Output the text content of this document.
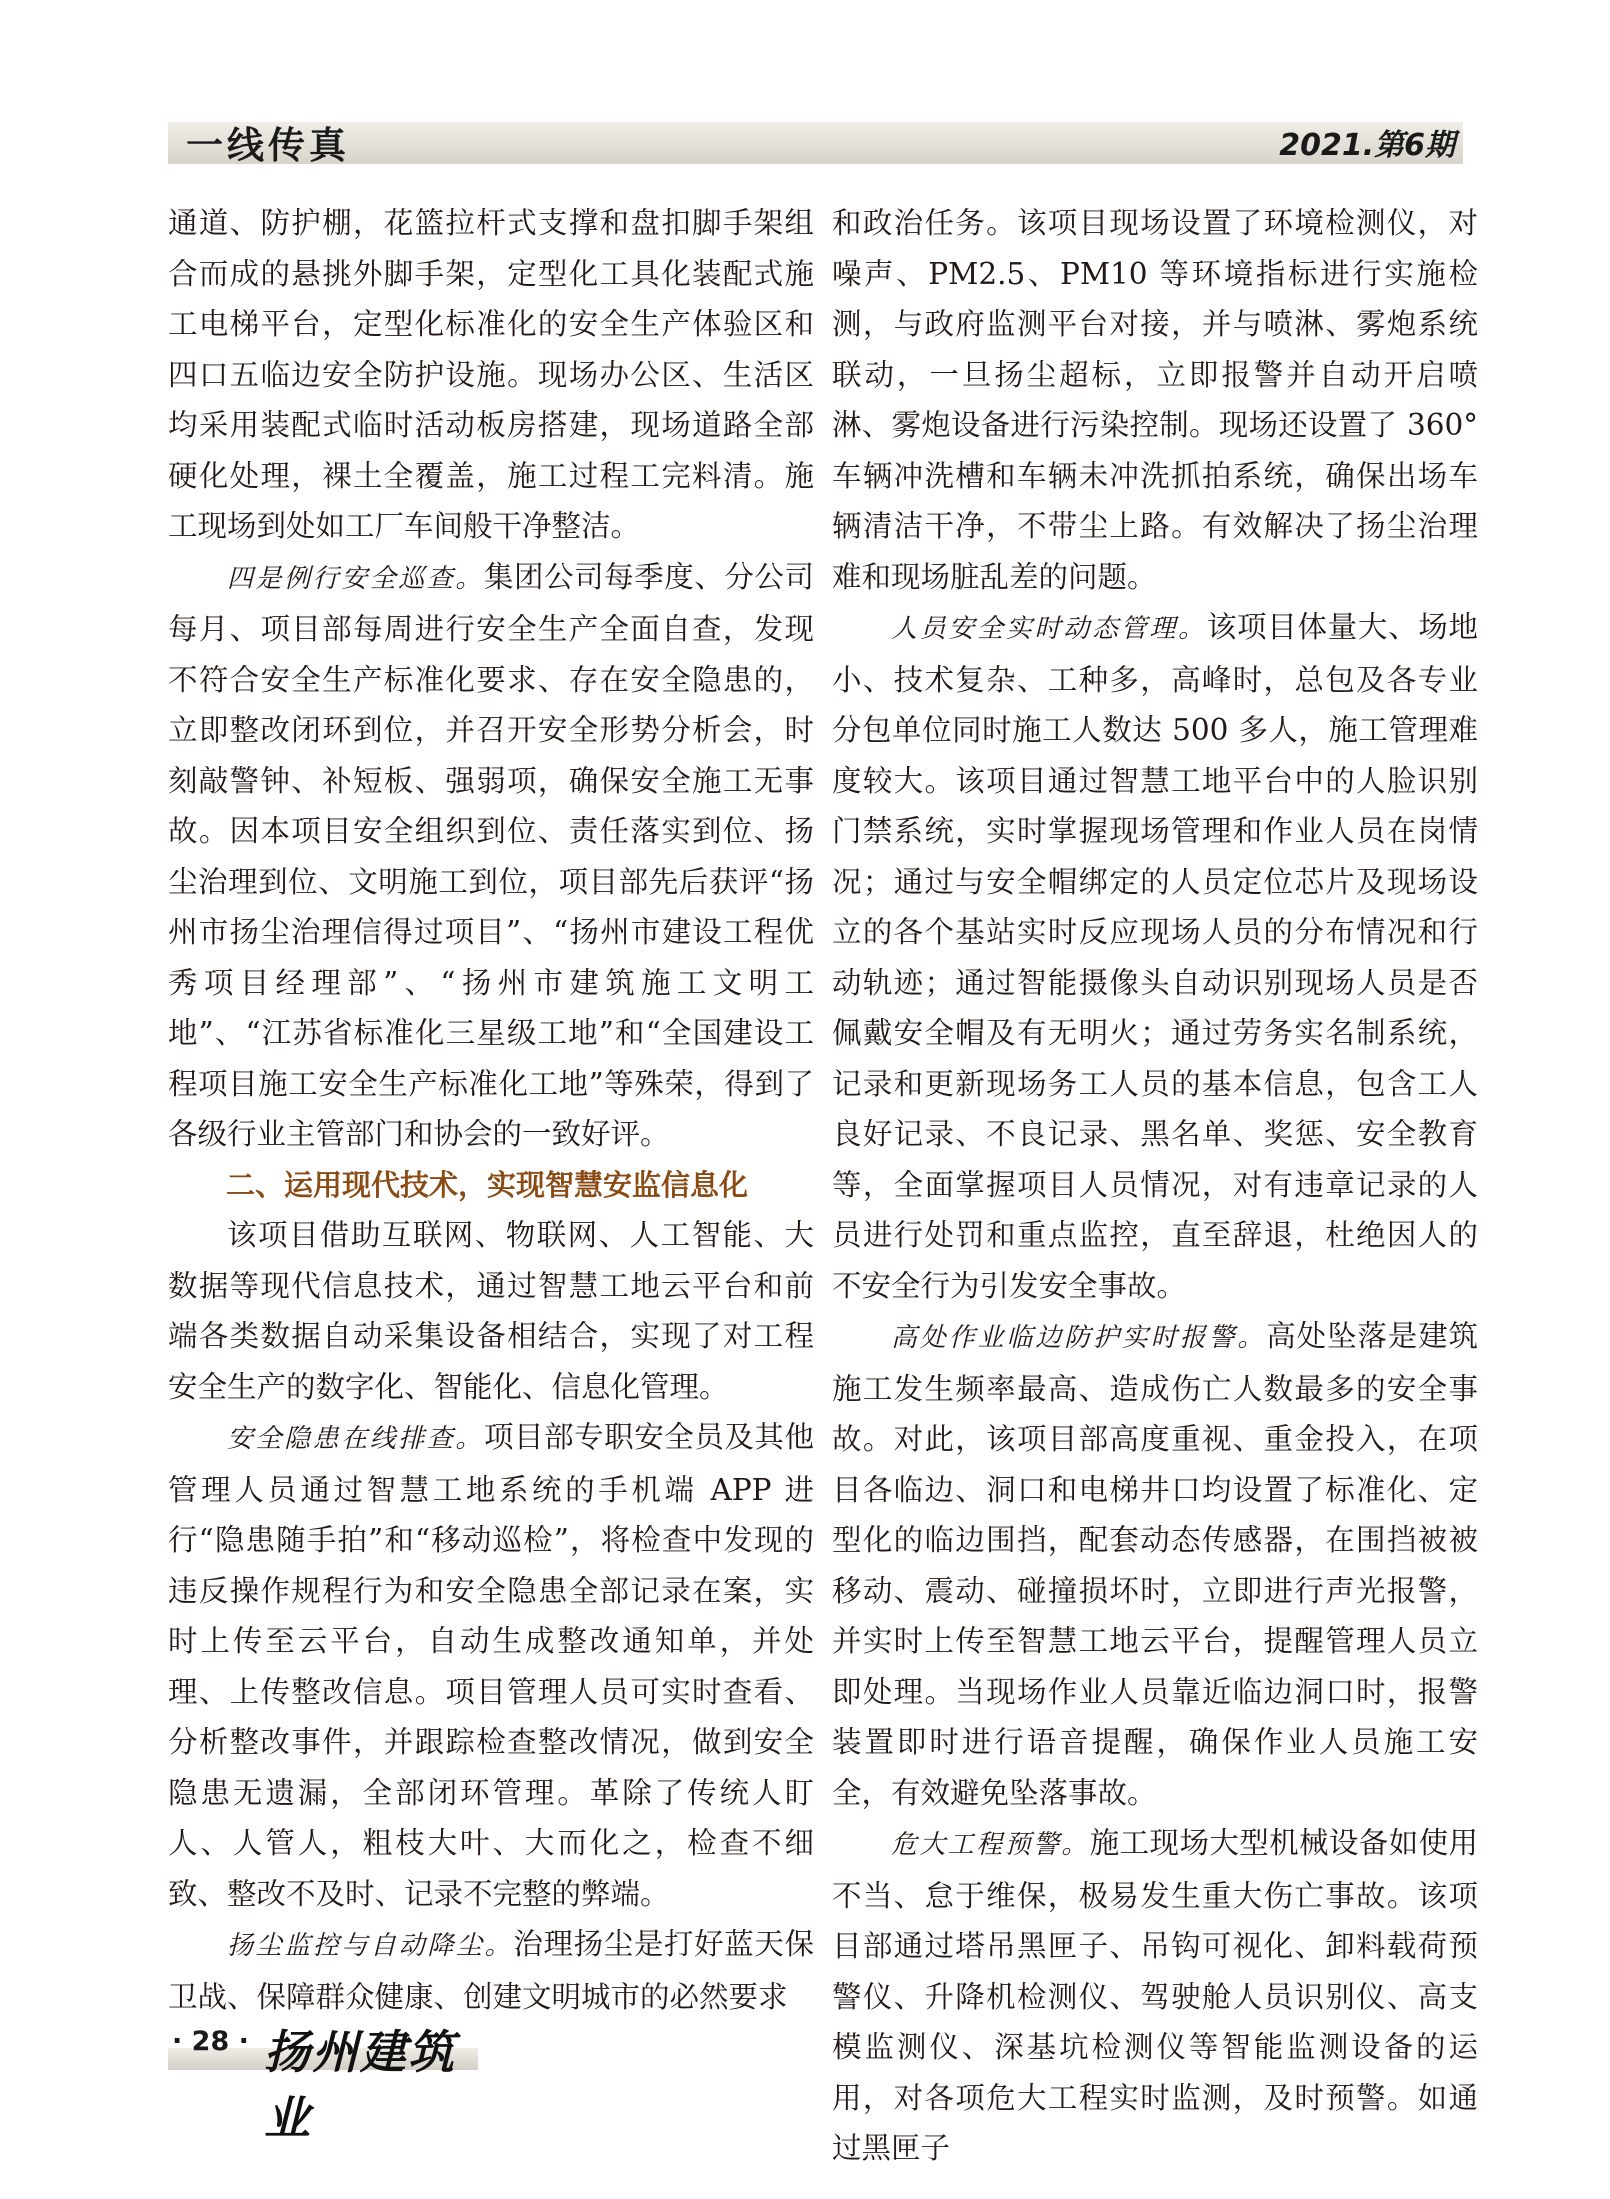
一线传真	2021.第6期

通道、防护棚，花篮拉杆式支撑和盘扣脚手架组合而成的悬挑外脚手架，定型化工具化装配式施工电梯平台，定型化标准化的安全生产体验区和四口五临边安全防护设施。现场办公区、生活区均采用装配式临时活动板房搭建，现场道路全部硬化处理，裸土全覆盖，施工过程工完料清。施工现场到处如工厂车间般干净整洁。

四是例行安全巡查。集团公司每季度、分公司每月、项目部每周进行安全生产全面自查，发现不符合安全生产标准化要求、存在安全隐患的，立即整改闭环到位，并召开安全形势分析会，时刻敲警钟、补短板、强弱项，确保安全施工无事故。因本项目安全组织到位、责任落实到位、扬尘治理到位、文明施工到位，项目部先后获评“扬州市扬尘治理信得过项目”、“扬州市建设工程优秀项目经理部”、“扬州市建筑施工文明工地”、“江苏省标准化三星级工地”和“全国建设工程项目施工安全生产标准化工地”等殊荣，得到了各级行业主管部门和协会的一致好评。

二、运用现代技术，实现智慧安监信息化

该项目借助互联网、物联网、人工智能、大数据等现代信息技术，通过智慧工地云平台和前端各类数据自动采集设备相结合，实现了对工程安全生产的数字化、智能化、信息化管理。

安全隐患在线排查。项目部专职安全员及其他管理人员通过智慧工地系统的手机端 APP 进行“隐患随手拍”和“移动巡检”，将检查中发现的违反操作规程行为和安全隐患全部记录在案，实时上传至云平台，自动生成整改通知单，并处理、上传整改信息。项目管理人员可实时查看、分析整改事件，并跟踪检查整改情况，做到安全隐患无遗漏，全部闭环管理。革除了传统人盯人、人管人，粗枝大叶、大而化之，检查不细致、整改不及时、记录不完整的弊端。

扬尘监控与自动降尘。治理扬尘是打好蓝天保卫战、保障群众健康、创建文明城市的必然要求

和政治任务。该项目现场设置了环境检测仪，对噪声、PM2.5、PM10 等环境指标进行实施检测，与政府监测平台对接，并与喷淋、雾炮系统联动，一旦扬尘超标，立即报警并自动开启喷淋、雾炮设备进行污染控制。现场还设置了 360° 车辆冲洗槽和车辆未冲洗抓拍系统，确保出场车辆清洁干净，不带尘上路。有效解决了扬尘治理难和现场脏乱差的问题。

人员安全实时动态管理。该项目体量大、场地小、技术复杂、工种多，高峰时，总包及各专业分包单位同时施工人数达 500 多人，施工管理难度较大。该项目通过智慧工地平台中的人脸识别门禁系统，实时掌握现场管理和作业人员在岗情况；通过与安全帽绑定的人员定位芯片及现场设立的各个基站实时反应现场人员的分布情况和行动轨迹；通过智能摄像头自动识别现场人员是否佩戴安全帽及有无明火；通过劳务实名制系统，记录和更新现场务工人员的基本信息，包含工人良好记录、不良记录、黑名单、奖惩、安全教育等，全面掌握项目人员情况，对有违章记录的人员进行处罚和重点监控，直至辞退，杜绝因人的不安全行为引发安全事故。

高处作业临边防护实时报警。高处坠落是建筑施工发生频率最高、造成伤亡人数最多的安全事故。对此，该项目部高度重视、重金投入，在项目各临边、洞口和电梯井口均设置了标准化、定型化的临边围挡，配套动态传感器，在围挡被被移动、震动、碰撞损坏时，立即进行声光报警，并实时上传至智慧工地云平台，提醒管理人员立即处理。当现场作业人员靠近临边洞口时，报警装置即时进行语音提醒，确保作业人员施工安全，有效避免坠落事故。

危大工程预警。施工现场大型机械设备如使用不当、怠于维保，极易发生重大伤亡事故。该项目部通过塔吊黑匣子、吊钩可视化、卸料载荷预警仪、升降机检测仪、驾驶舱人员识别仪、高支模监测仪、深基坑检测仪等智能监测设备的运用，对各项危大工程实时监测，及时预警。如通过黑匣子

· 28 · 扬州建筑业
